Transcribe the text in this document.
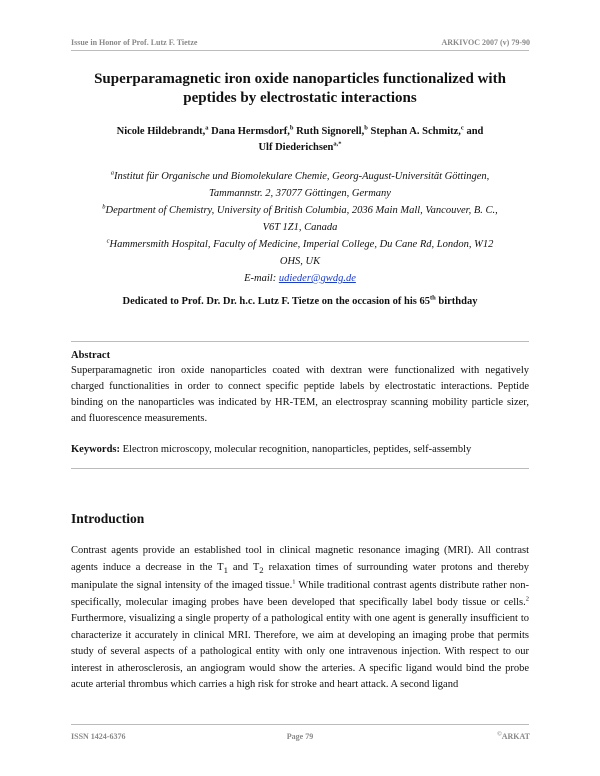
Issue in Honor of Prof. Lutz F. Tietze	ARKIVOC 2007 (v) 79-90
Superparamagnetic iron oxide nanoparticles functionalized with
peptides by electrostatic interactions
Nicole Hildebrandt,$^a$ Dana Hermsdorf,$^b$ Ruth Signorell,$^b$ Stephan A. Schmitz,$^c$ and
Ulf Diederichsen$^{a,*}$
$^a$Institut für Organische und Biomolekulare Chemie, Georg-August-Universität Göttingen,
Tammannstr. 2, 37077 Göttingen, Germany
$^b$Department of Chemistry, University of British Columbia, 2036 Main Mall, Vancouver, B. C.,
V6T 1Z1, Canada
$^c$Hammersmith Hospital, Faculty of Medicine, Imperial College, Du Cane Rd, London, W12
OHS, UK
E-mail: udieder@gwdg.de
Dedicated to Prof. Dr. Dr. h.c. Lutz F. Tietze on the occasion of his 65th birthday
Abstract
Superparamagnetic iron oxide nanoparticles coated with dextran were functionalized with negatively charged functionalities in order to connect specific peptide labels by electrostatic interactions. Peptide binding on the nanoparticles was indicated by HR-TEM, an electrospray scanning mobility particle sizer, and fluorescence measurements.
Keywords: Electron microscopy, molecular recognition, nanoparticles, peptides, self-assembly
Introduction
Contrast agents provide an established tool in clinical magnetic resonance imaging (MRI). All contrast agents induce a decrease in the $T_1$ and $T_2$ relaxation times of surrounding water protons and thereby manipulate the signal intensity of the imaged tissue.$^1$ While traditional contrast agents distribute rather non-specifically, molecular imaging probes have been developed that specifically label body tissue or cells.$^2$ Furthermore, visualizing a single property of a pathological entity with one agent is generally insufficient to characterize it accurately in clinical MRI. Therefore, we aim at developing an imaging probe that permits study of several aspects of a pathological entity with only one intravenous injection. With respect to our interest in atherosclerosis, an angiogram would show the arteries. A specific ligand would bind the probe acute arterial thrombus which carries a high risk for stroke and heart attack. A second ligand
ISSN 1424-6376	Page 79	©ARKAT
